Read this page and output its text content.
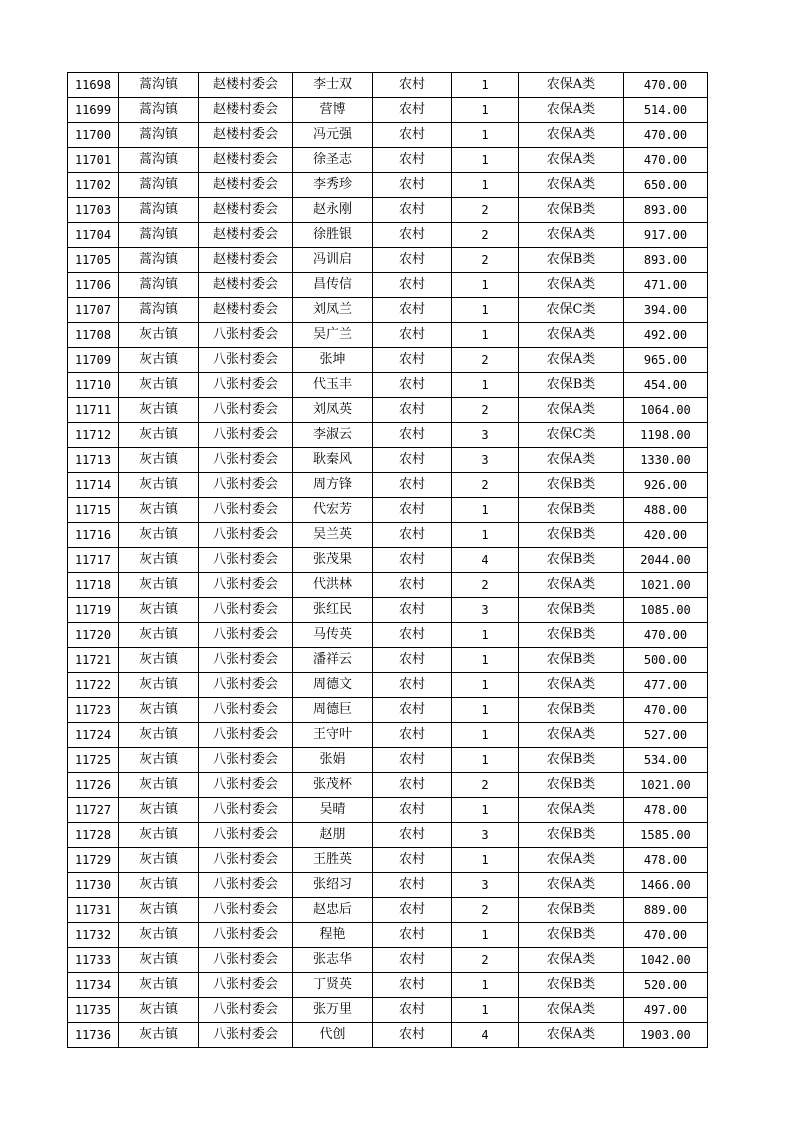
11698	蒿沟镇	赵楼村委会	李士双	农村	1	农保A类	470.00
11699	蒿沟镇	赵楼村委会	营博	农村	1	农保A类	514.00
11700	蒿沟镇	赵楼村委会	冯元强	农村	1	农保A类	470.00
11701	蒿沟镇	赵楼村委会	徐圣志	农村	1	农保A类	470.00
11702	蒿沟镇	赵楼村委会	李秀珍	农村	1	农保A类	650.00
11703	蒿沟镇	赵楼村委会	赵永刚	农村	2	农保B类	893.00
11704	蒿沟镇	赵楼村委会	徐胜银	农村	2	农保A类	917.00
11705	蒿沟镇	赵楼村委会	冯训启	农村	2	农保B类	893.00
11706	蒿沟镇	赵楼村委会	昌传信	农村	1	农保A类	471.00
11707	蒿沟镇	赵楼村委会	刘凤兰	农村	1	农保C类	394.00
11708	灰古镇	八张村委会	吴广兰	农村	1	农保A类	492.00
11709	灰古镇	八张村委会	张坤	农村	2	农保A类	965.00
11710	灰古镇	八张村委会	代玉丰	农村	1	农保B类	454.00
11711	灰古镇	八张村委会	刘凤英	农村	2	农保A类	1064.00
11712	灰古镇	八张村委会	李淑云	农村	3	农保C类	1198.00
11713	灰古镇	八张村委会	耿秦风	农村	3	农保A类	1330.00
11714	灰古镇	八张村委会	周方锋	农村	2	农保B类	926.00
11715	灰古镇	八张村委会	代宏芳	农村	1	农保B类	488.00
11716	灰古镇	八张村委会	吴兰英	农村	1	农保B类	420.00
11717	灰古镇	八张村委会	张茂果	农村	4	农保B类	2044.00
11718	灰古镇	八张村委会	代洪林	农村	2	农保A类	1021.00
11719	灰古镇	八张村委会	张红民	农村	3	农保B类	1085.00
11720	灰古镇	八张村委会	马传英	农村	1	农保B类	470.00
11721	灰古镇	八张村委会	潘祥云	农村	1	农保B类	500.00
11722	灰古镇	八张村委会	周德文	农村	1	农保A类	477.00
11723	灰古镇	八张村委会	周德巨	农村	1	农保B类	470.00
11724	灰古镇	八张村委会	王守叶	农村	1	农保A类	527.00
11725	灰古镇	八张村委会	张娟	农村	1	农保B类	534.00
11726	灰古镇	八张村委会	张茂杯	农村	2	农保B类	1021.00
11727	灰古镇	八张村委会	吴晴	农村	1	农保A类	478.00
11728	灰古镇	八张村委会	赵朋	农村	3	农保B类	1585.00
11729	灰古镇	八张村委会	王胜英	农村	1	农保A类	478.00
11730	灰古镇	八张村委会	张绍习	农村	3	农保A类	1466.00
11731	灰古镇	八张村委会	赵忠后	农村	2	农保B类	889.00
11732	灰古镇	八张村委会	程艳	农村	1	农保B类	470.00
11733	灰古镇	八张村委会	张志华	农村	2	农保A类	1042.00
11734	灰古镇	八张村委会	丁贤英	农村	1	农保B类	520.00
11735	灰古镇	八张村委会	张万里	农村	1	农保A类	497.00
11736	灰古镇	八张村委会	代创	农村	4	农保A类	1903.00
